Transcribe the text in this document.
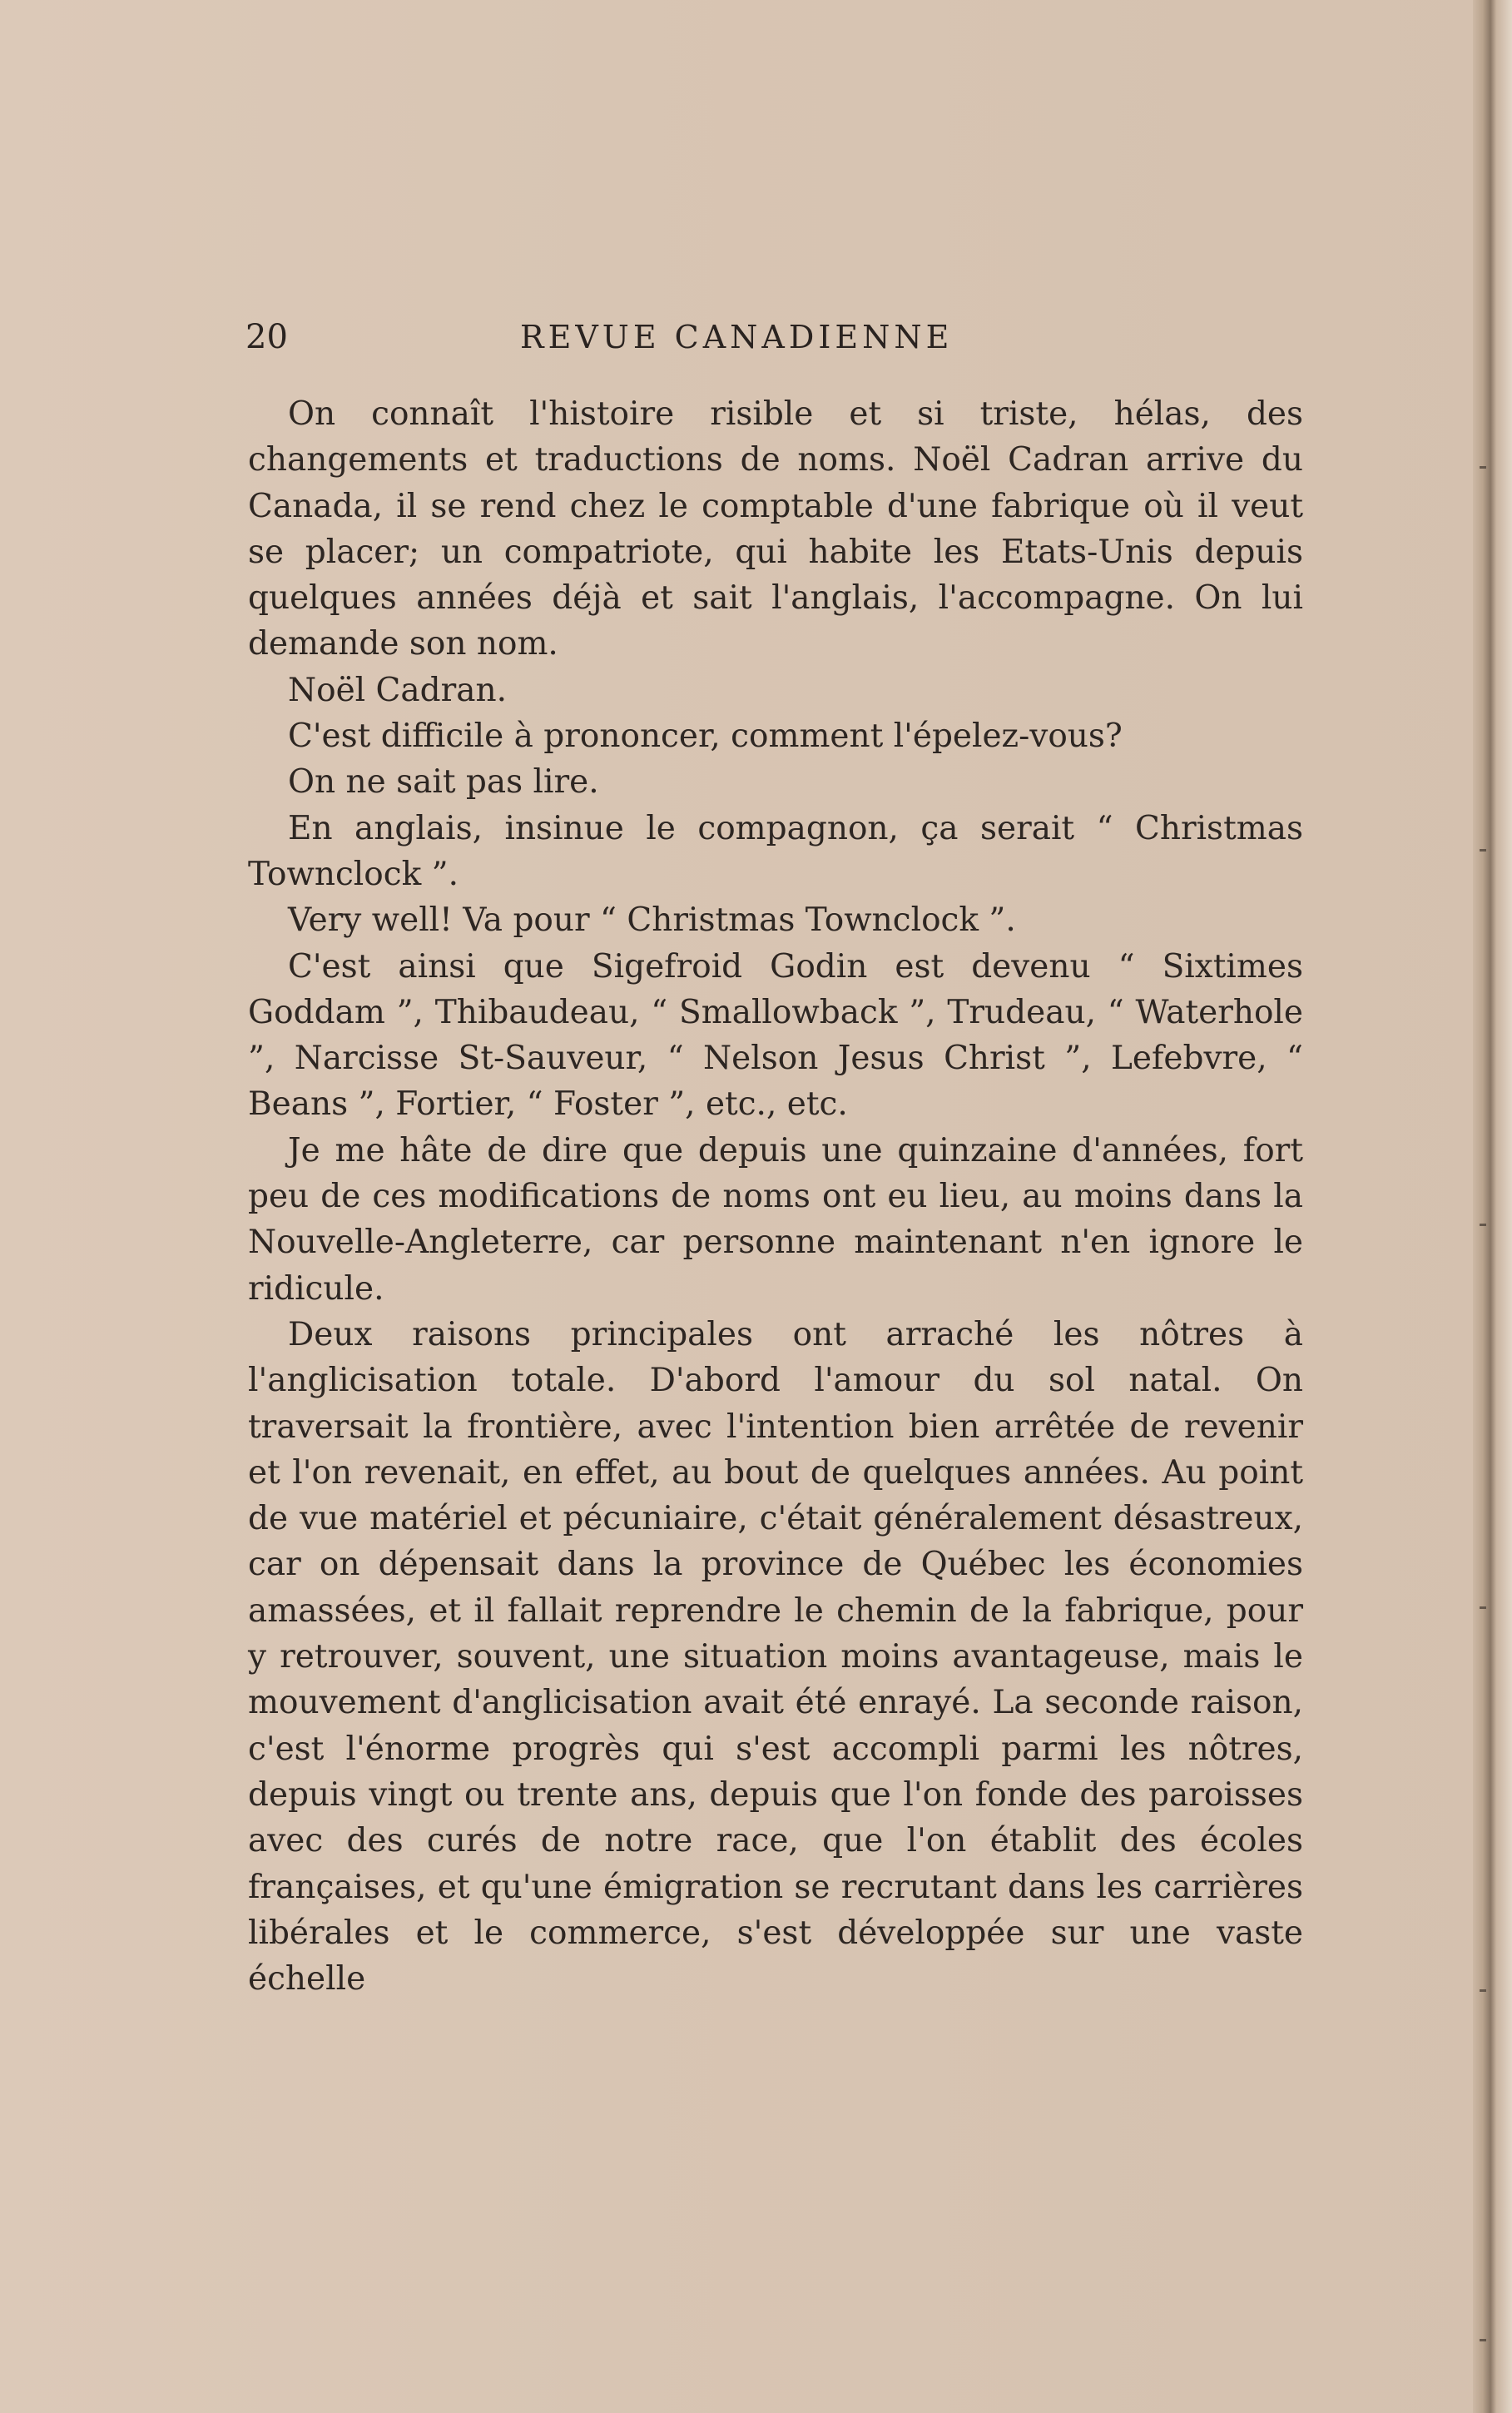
20	REVUE CANADIENNE

On connaît l'histoire risible et si triste, hélas, des changements et traductions de noms. Noël Cadran arrive du Canada, il se rend chez le comptable d'une fabrique où il veut se placer; un compatriote, qui habite les Etats-Unis depuis quelques années déjà et sait l'anglais, l'accompagne. On lui demande son nom.

Noël Cadran.

C'est difficile à prononcer, comment l'épelez-vous?

On ne sait pas lire.

En anglais, insinue le compagnon, ça serait “ Christmas Townclock ”.

Very well! Va pour “ Christmas Townclock ”.

C'est ainsi que Sigefroid Godin est devenu “ Sixtimes Goddam ”, Thibaudeau, “ Smallowback ”, Trudeau, “ Waterhole ”, Narcisse St-Sauveur, “ Nelson Jesus Christ ”, Lefebvre, “ Beans ”, Fortier, “ Foster ”, etc., etc.

Je me hâte de dire que depuis une quinzaine d'années, fort peu de ces modifications de noms ont eu lieu, au moins dans la Nouvelle-Angleterre, car personne maintenant n'en ignore le ridicule.

Deux raisons principales ont arraché les nôtres à l'anglicisation totale. D'abord l'amour du sol natal. On traversait la frontière, avec l'intention bien arrêtée de revenir et l'on revenait, en effet, au bout de quelques années. Au point de vue matériel et pécuniaire, c'était généralement désastreux, car on dépensait dans la province de Québec les économies amassées, et il fallait reprendre le chemin de la fabrique, pour y retrouver, souvent, une situation moins avantageuse, mais le mouvement d'anglicisation avait été enrayé. La seconde raison, c'est l'énorme progrès qui s'est accompli parmi les nôtres, depuis vingt ou trente ans, depuis que l'on fonde des paroisses avec des curés de notre race, que l'on établit des écoles françaises, et qu'une émigration se recrutant dans les carrières libérales et le commerce, s'est développée sur une vaste échelle
